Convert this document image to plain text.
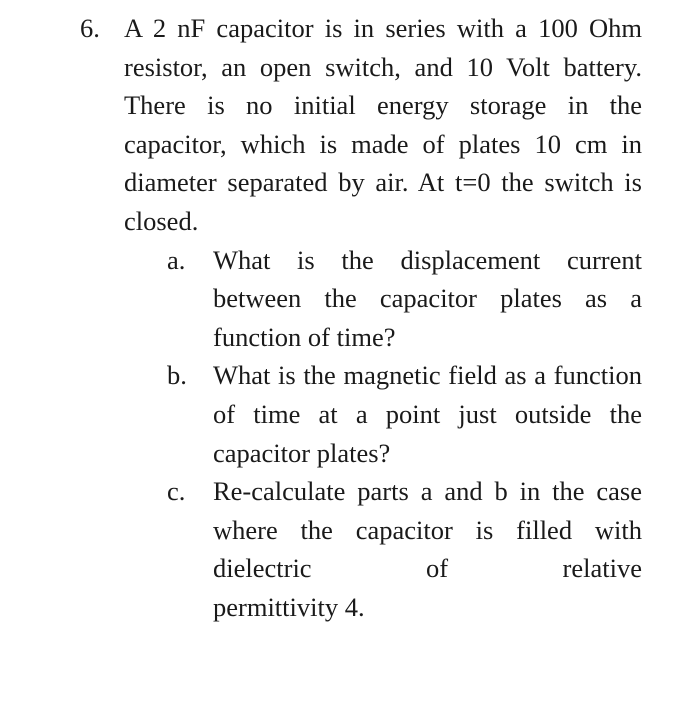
6. A 2 nF capacitor is in series with a 100 Ohm resistor, an open switch, and 10 Volt battery. There is no initial energy storage in the capacitor, which is made of plates 10 cm in diameter separated by air. At t=0 the switch is closed.
a.	What is the displacement current between the capacitor plates as a function of time?
b. What is the magnetic field as a function of time at a point just outside the capacitor plates?
c.	Re-calculate parts a and b in the case where the capacitor is filled with dielectric of relative
permittivity 4.
